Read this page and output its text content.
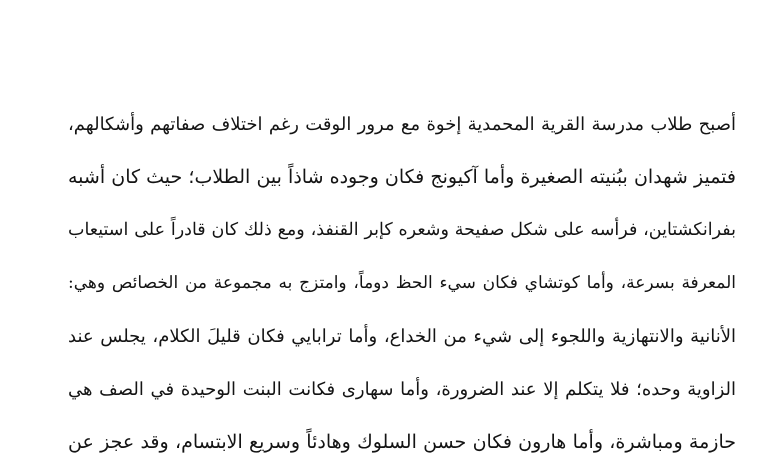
أصبح طلاب مدرسة القرية المحمدية إخوة مع مرور الوقت رغم اختلاف صفاتهم وأشكالهم،
فتميز شهدان ببُنيته الصغيرة وأما آكيونج فكان وجوده شاذاً بين الطلاب؛ حيث كان أشبه
بفرانكشتاين، فرأسه على شكل صفيحة وشعره كإبر القنفذ، ومع ذلك كان قادراً على استيعاب
المعرفة بسرعة، وأما كوتشاي فكان سيء الحظ دوماً، وامتزج به مجموعة من الخصائص وهي:
الأنانية والانتهازية واللجوء إلى شيء من الخداع، وأما ترابايي فكان قليلَ الكلام، يجلس عند
الزاوية وحده؛ فلا يتكلم إلا عند الضرورة، وأما سهارى فكانت البنت الوحيدة في الصف هي
حازمة ومباشرة، وأما هارون فكان حسن السلوك وهادئاً وسريع الابتسام، وقد عجز عن
